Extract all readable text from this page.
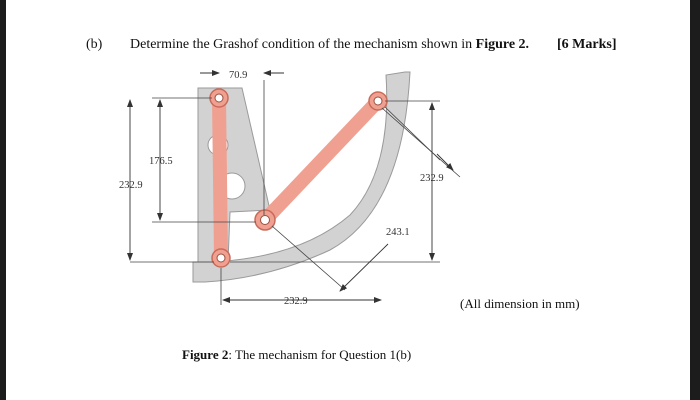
(b) Determine the Grashof condition of the mechanism shown in Figure 2. [6 Marks]
70.9
176.5
232.9
232.9
243.1
232.9	(All dimension in mm)
Figure 2: The mechanism for Question 1(b)
